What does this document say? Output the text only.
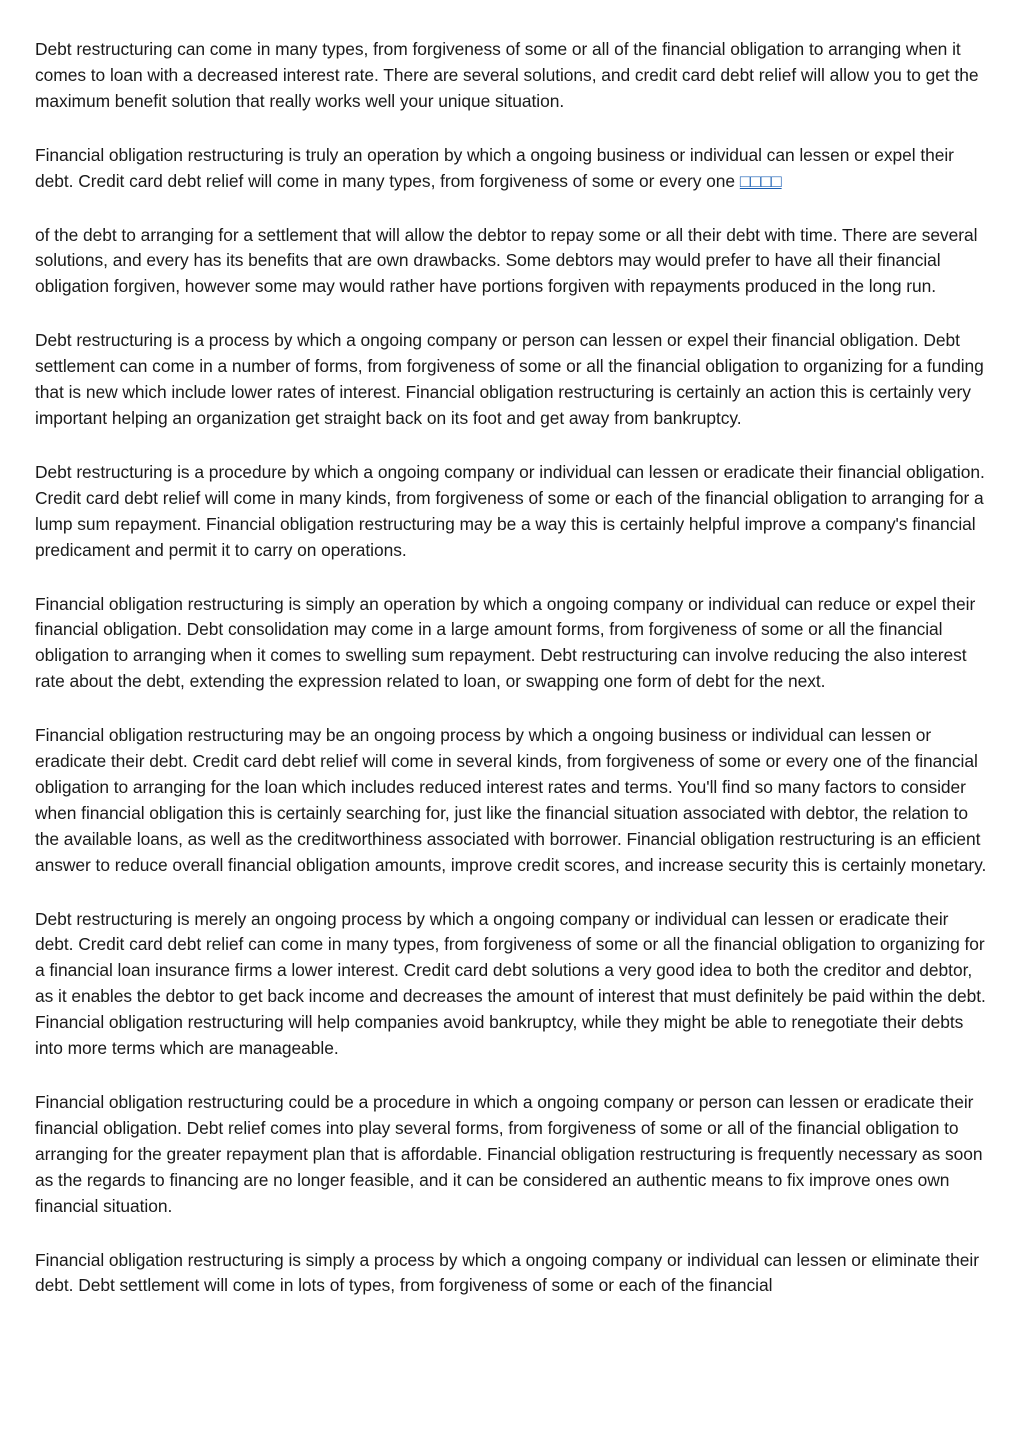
Debt restructuring can come in many types, from forgiveness of some or all of the financial obligation to arranging when it comes to loan with a decreased interest rate. There are several solutions, and credit card debt relief will allow you to get the maximum benefit solution that really works well your unique situation.

Financial obligation restructuring is truly an operation by which a ongoing business or individual can lessen or expel their debt. Credit card debt relief will come in many types, from forgiveness of some or every one □□□□

of the debt to arranging for a settlement that will allow the debtor to repay some or all their debt with time. There are several solutions, and every has its benefits that are own drawbacks. Some debtors may would prefer to have all their financial obligation forgiven, however some may would rather have portions forgiven with repayments produced in the long run.

Debt restructuring is a process by which a ongoing company or person can lessen or expel their financial obligation. Debt settlement can come in a number of forms, from forgiveness of some or all the financial obligation to organizing for a funding that is new which include lower rates of interest. Financial obligation restructuring is certainly an action this is certainly very important helping an organization get straight back on its foot and get away from bankruptcy.

Debt restructuring is a procedure by which a ongoing company or individual can lessen or eradicate their financial obligation. Credit card debt relief will come in many kinds, from forgiveness of some or each of the financial obligation to arranging for a lump sum repayment. Financial obligation restructuring may be a way this is certainly helpful improve a company's financial predicament and permit it to carry on operations.

Financial obligation restructuring is simply an operation by which a ongoing company or individual can reduce or expel their financial obligation. Debt consolidation may come in a large amount forms, from forgiveness of some or all the financial obligation to arranging when it comes to swelling sum repayment. Debt restructuring can involve reducing the also interest rate about the debt, extending the expression related to loan, or swapping one form of debt for the next.

Financial obligation restructuring may be an ongoing process by which a ongoing business or individual can lessen or eradicate their debt. Credit card debt relief will come in several kinds, from forgiveness of some or every one of the financial obligation to arranging for the loan which includes reduced interest rates and terms. You'll find so many factors to consider when financial obligation this is certainly searching for, just like the financial situation associated with debtor, the relation to the available loans, as well as the creditworthiness associated with borrower. Financial obligation restructuring is an efficient answer to reduce overall financial obligation amounts, improve credit scores, and increase security this is certainly monetary.

Debt restructuring is merely an ongoing process by which a ongoing company or individual can lessen or eradicate their debt. Credit card debt relief can come in many types, from forgiveness of some or all the financial obligation to organizing for a financial loan insurance firms a lower interest. Credit card debt solutions a very good idea to both the creditor and debtor, as it enables the debtor to get back income and decreases the amount of interest that must definitely be paid within the debt. Financial obligation restructuring will help companies avoid bankruptcy, while they might be able to renegotiate their debts into more terms which are manageable.

Financial obligation restructuring could be a procedure in which a ongoing company or person can lessen or eradicate their financial obligation. Debt relief comes into play several forms, from forgiveness of some or all of the financial obligation to arranging for the greater repayment plan that is affordable. Financial obligation restructuring is frequently necessary as soon as the regards to financing are no longer feasible, and it can be considered an authentic means to fix improve ones own financial situation.

Financial obligation restructuring is simply a process by which a ongoing company or individual can lessen or eliminate their debt. Debt settlement will come in lots of types, from forgiveness of some or each of the financial
